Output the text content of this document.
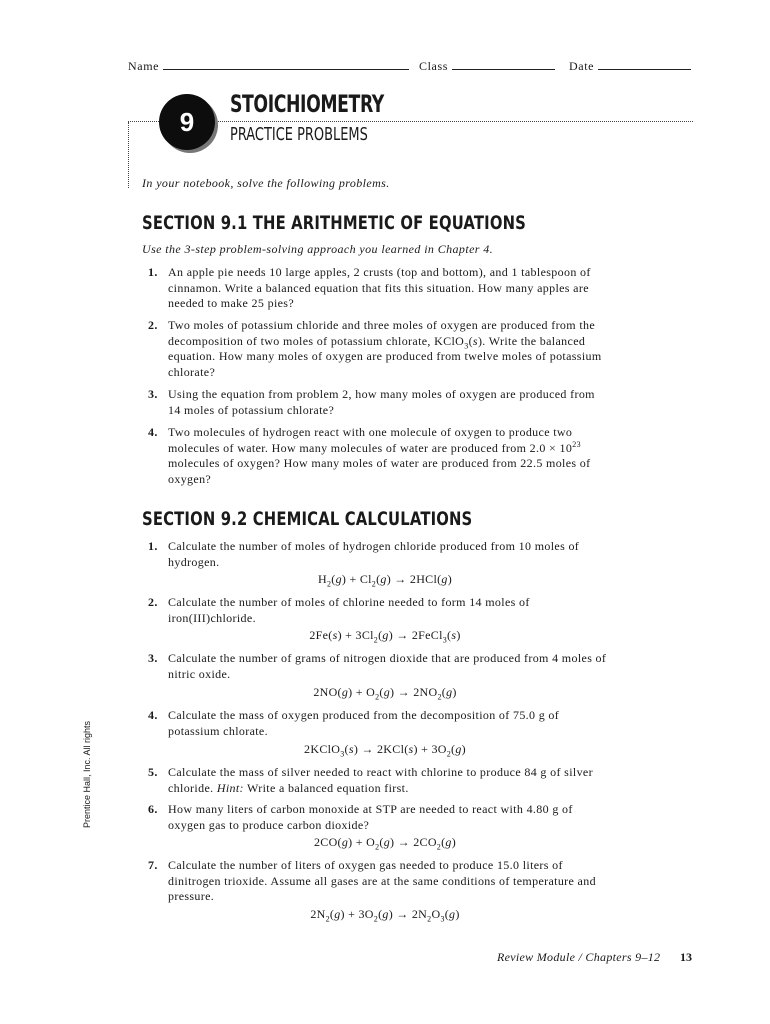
Name	Class	Date
9
STOICHIOMETRY
PRACTICE PROBLEMS
In your notebook, solve the following problems.
SECTION 9.1 THE ARITHMETIC OF EQUATIONS
Use the 3-step problem-solving approach you learned in Chapter 4.
1. An apple pie needs 10 large apples, 2 crusts (top and bottom), and 1 tablespoon of cinnamon. Write a balanced equation that fits this situation. How many apples are needed to make 25 pies?
2. Two moles of potassium chloride and three moles of oxygen are produced from the decomposition of two moles of potassium chlorate, KClO$_3$(s). Write the balanced equation. How many moles of oxygen are produced from twelve moles of potassium chlorate?
3. Using the equation from problem 2, how many moles of oxygen are produced from 14 moles of potassium chlorate?
4. Two molecules of hydrogen react with one molecule of oxygen to produce two molecules of water. How many molecules of water are produced from $2.0 \times 10^{23}$ molecules of oxygen? How many moles of water are produced from 22.5 moles of oxygen?
SECTION 9.2 CHEMICAL CALCULATIONS
1. Calculate the number of moles of hydrogen chloride produced from 10 moles of hydrogen.
$H_2(g) + Cl_2(g) \to 2HCl(g)$
2. Calculate the number of moles of chlorine needed to form 14 moles of iron(III)chloride.
$2Fe(s) + 3Cl_2(g)$ → 2FeCl$_3$(s)
3. Calculate the number of grams of nitrogen dioxide that are produced from 4 moles of nitric oxide.
$2NO(g) + O_2(g) \to 2NO_2(g)$
4. Calculate the mass of oxygen produced from the decomposition of 75.0 g of potassium chlorate.
2KClO$_3$(s) → $2KCl(s) + 3O_2(g)$
5. Calculate the mass of silver needed to react with chlorine to produce 84 g of silver chloride. Hint: Write a balanced equation first.
6. How many liters of carbon monoxide at STP are needed to react with 4.80 g of oxygen gas to produce carbon dioxide?
$2CO(g) + O_2(g) \to 2CO_2(g)$
7. Calculate the number of liters of oxygen gas needed to produce 15.0 liters of dinitrogen trioxide. Assume all gases are at the same conditions of temperature and pressure.
$2N_2(g) + 3O_2(g) \to 2N_2O_3(g)$
Prentice Hall, Inc. All rights
Review Module / Chapters 9–12 13
